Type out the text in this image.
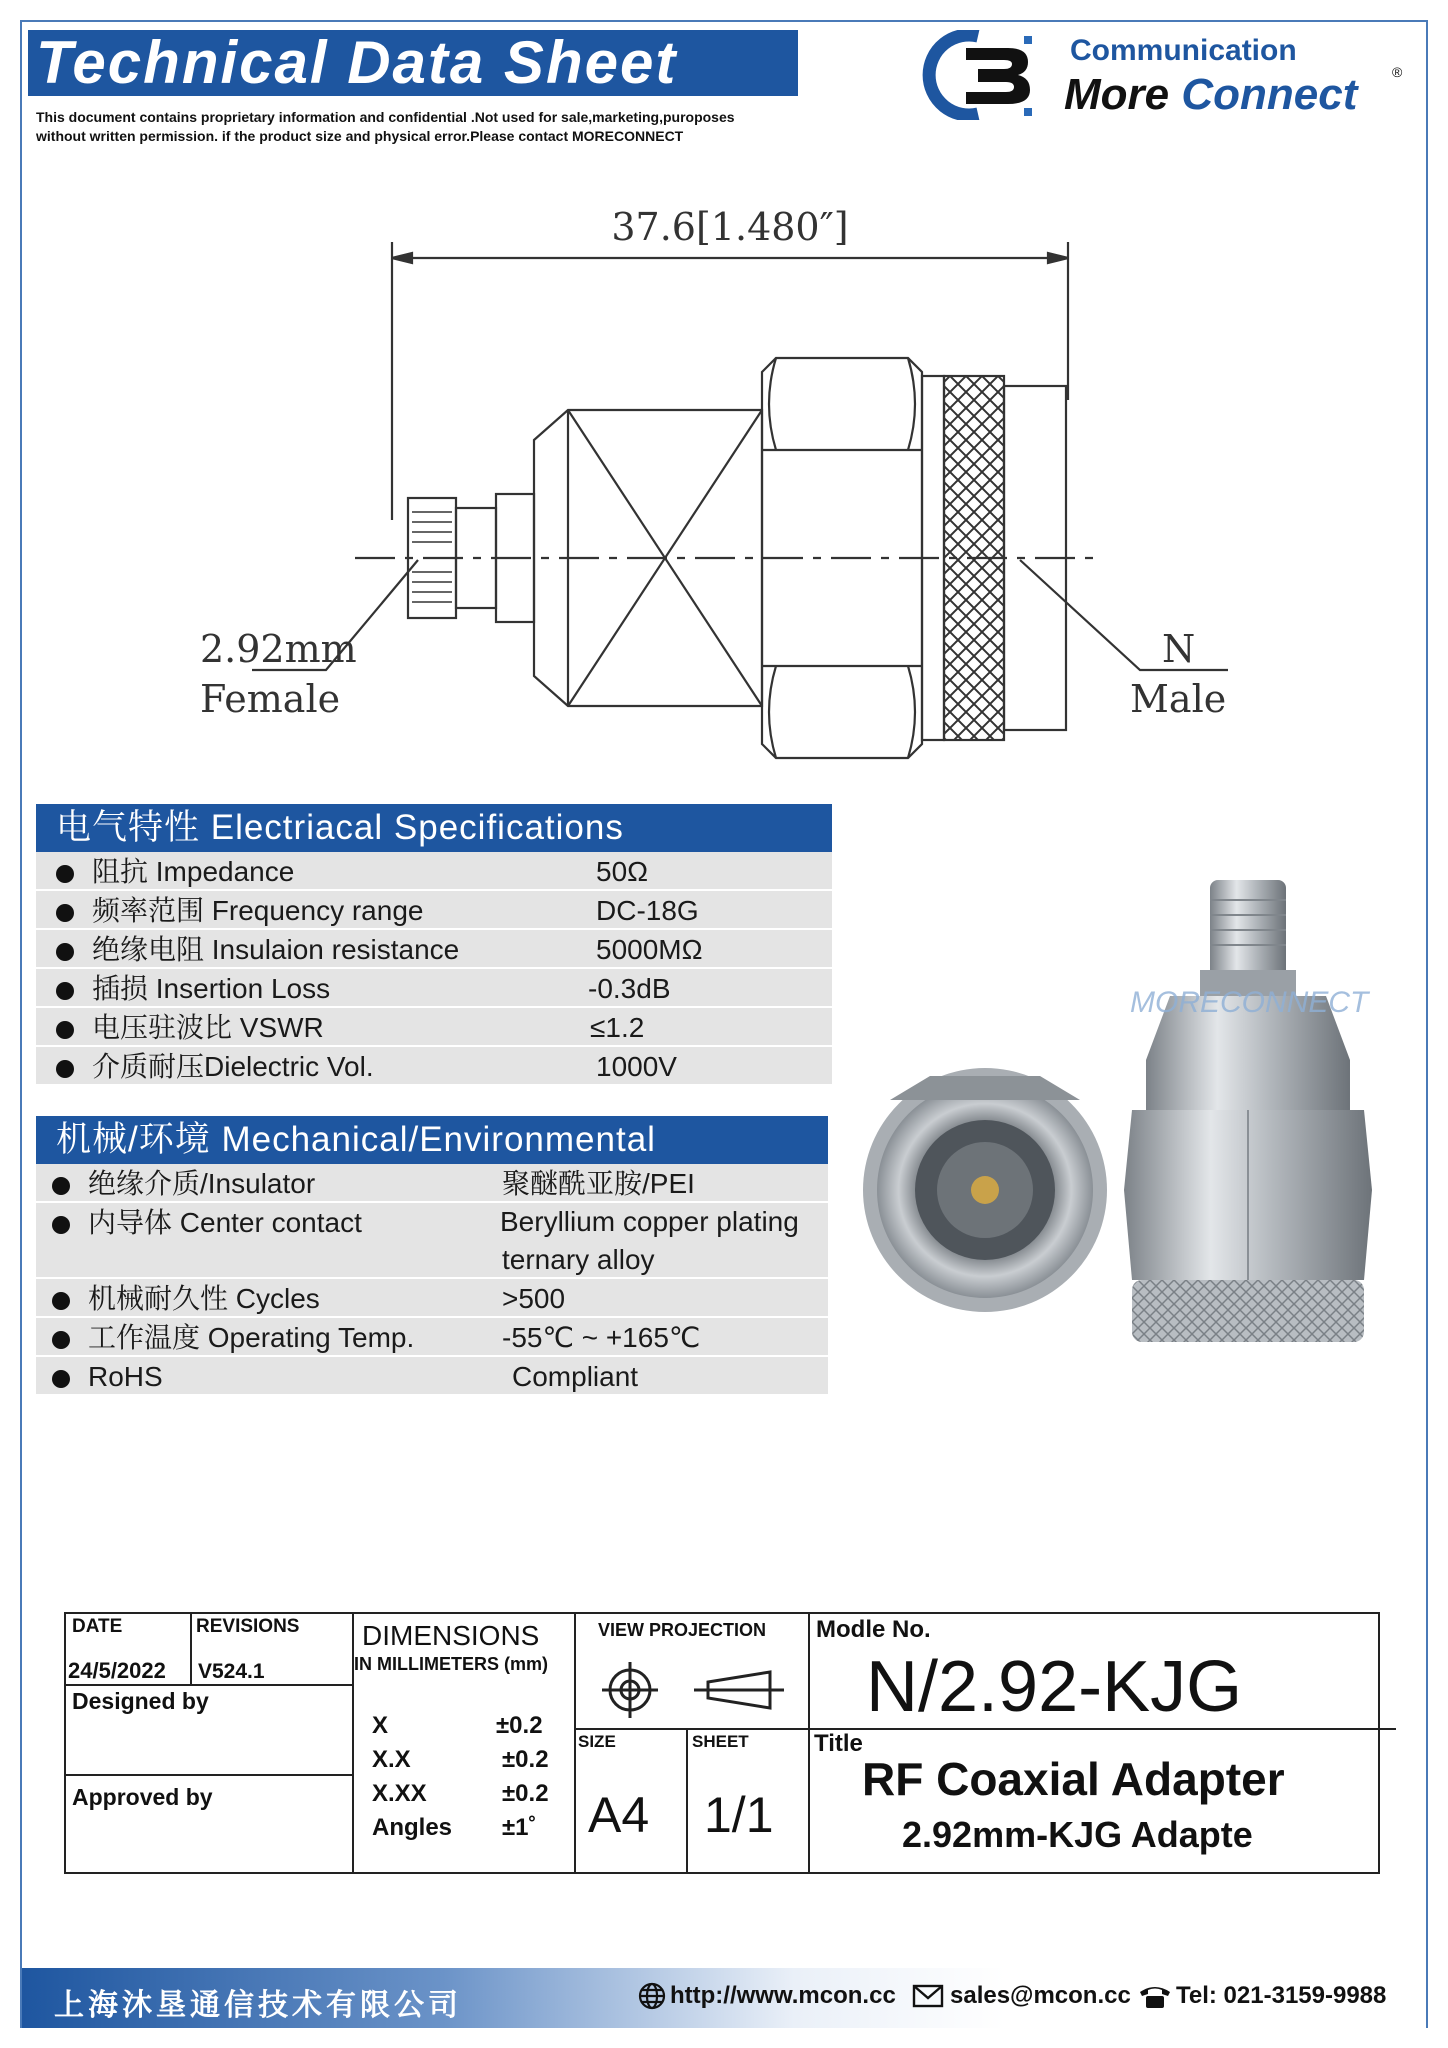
Technical Data Sheet
This document contains proprietary information and confidential .Not used for sale,marketing,puroposes
without written permission. if the product size and physical error.Please contact MORECONNECT
Communication
More Connect ®
37.6[1.480″]
2.92mm
Female
N
Male
电气特性 Electriacal Specifications
阻抗 Impedance	50Ω
频率范围 Frequency range	DC-18G
绝缘电阻 Insulaion resistance	5000MΩ
插损 Insertion Loss	-0.3dB
电压驻波比 VSWR	≤1.2
介质耐压Dielectric Vol.	1000V
机械/环境 Mechanical/Environmental
绝缘介质/Insulator	聚醚酰亚胺/PEI
内导体 Center contact	Beryllium copper plating
ternary alloy
机械耐久性 Cycles	>500
工作温度 Operating Temp.	-55℃ ~ +165℃
RoHS	Compliant
MORECONNECT
DATE
24/5/2022
REVISIONS
V524.1
Designed by
Approved by
DIMENSIONS
IN MILLIMETERS (mm)
X	±0.2
X.X	±0.2
X.XX	±0.2
Angles ±1˚
VIEW PROJECTION
SIZE
A4
SHEET
1/1
Modle No.
N/2.92-KJG
Title
RF Coaxial Adapter
2.92mm-KJG Adapte
上海沐垦通信技术有限公司	http://www.mcon.cc sales@mcon.cc Tel: 021-3159-9988
